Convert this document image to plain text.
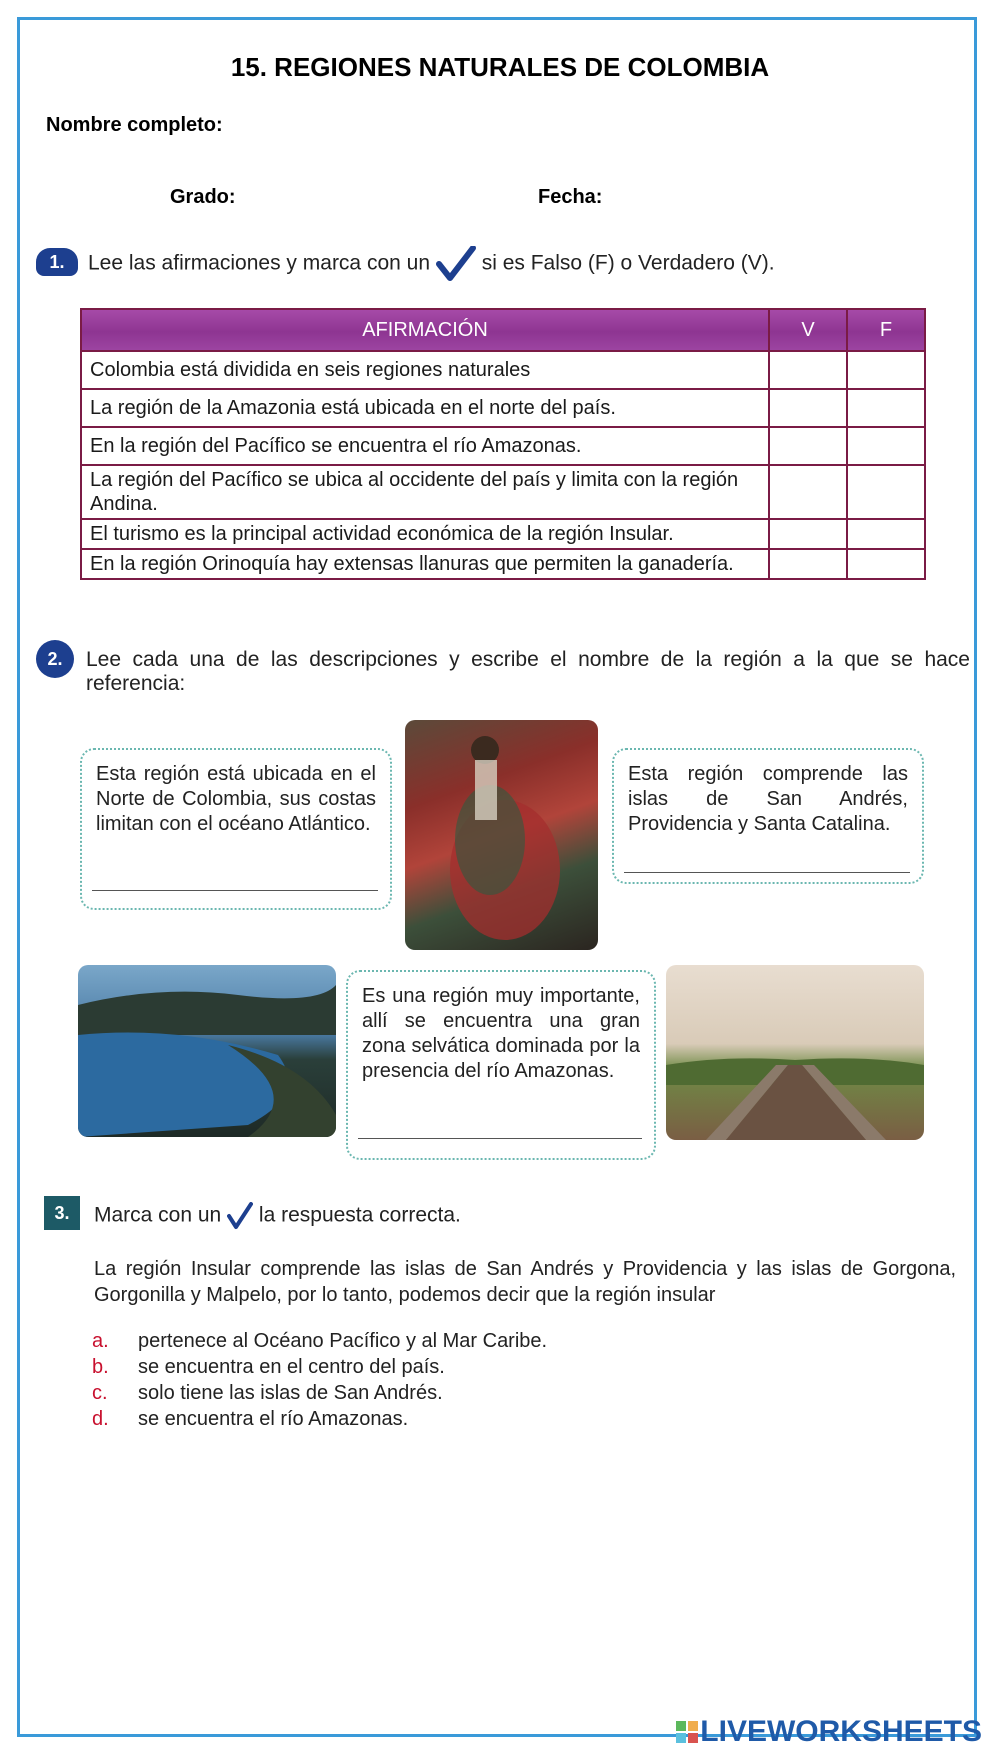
15. REGIONES NATURALES DE COLOMBIA
Nombre completo:
Grado:	Fecha:
1.	Lee las afirmaciones y marca con un si es Falso (F) o Verdadero (V).
AFIRMACIÓN	V	F
Colombia está dividida en seis regiones naturales		
La región de la Amazonia está ubicada en el norte del país.		
En la región del Pacífico se encuentra el río Amazonas.		
La región del Pacífico se ubica al occidente del país y limita con la región Andina.		
El turismo es la principal actividad económica de la región Insular.		
En la región Orinoquía hay extensas llanuras que permiten la ganadería.		
2.	Lee cada una de las descripciones y escribe el nombre de la región a la que se hace referencia:
Esta región está ubicada en el Norte de Colombia, sus costas limitan con el océano Atlántico.
Esta región comprende las islas de San Andrés, Providencia y Santa Catalina.
Es una región muy importante, allí se encuentra una gran zona selvática dominada por la presencia del río Amazonas.
3.	Marca con un la respuesta correcta.
La región Insular comprende las islas de San Andrés y Providencia y las islas de Gorgona, Gorgonilla y Malpelo, por lo tanto, podemos decir que la región insular
a. pertenece al Océano Pacífico y al Mar Caribe.
b. se encuentra en el centro del país.
c. solo tiene las islas de San Andrés.
d. se encuentra el río Amazonas.
LIVEWORKSHEETS
